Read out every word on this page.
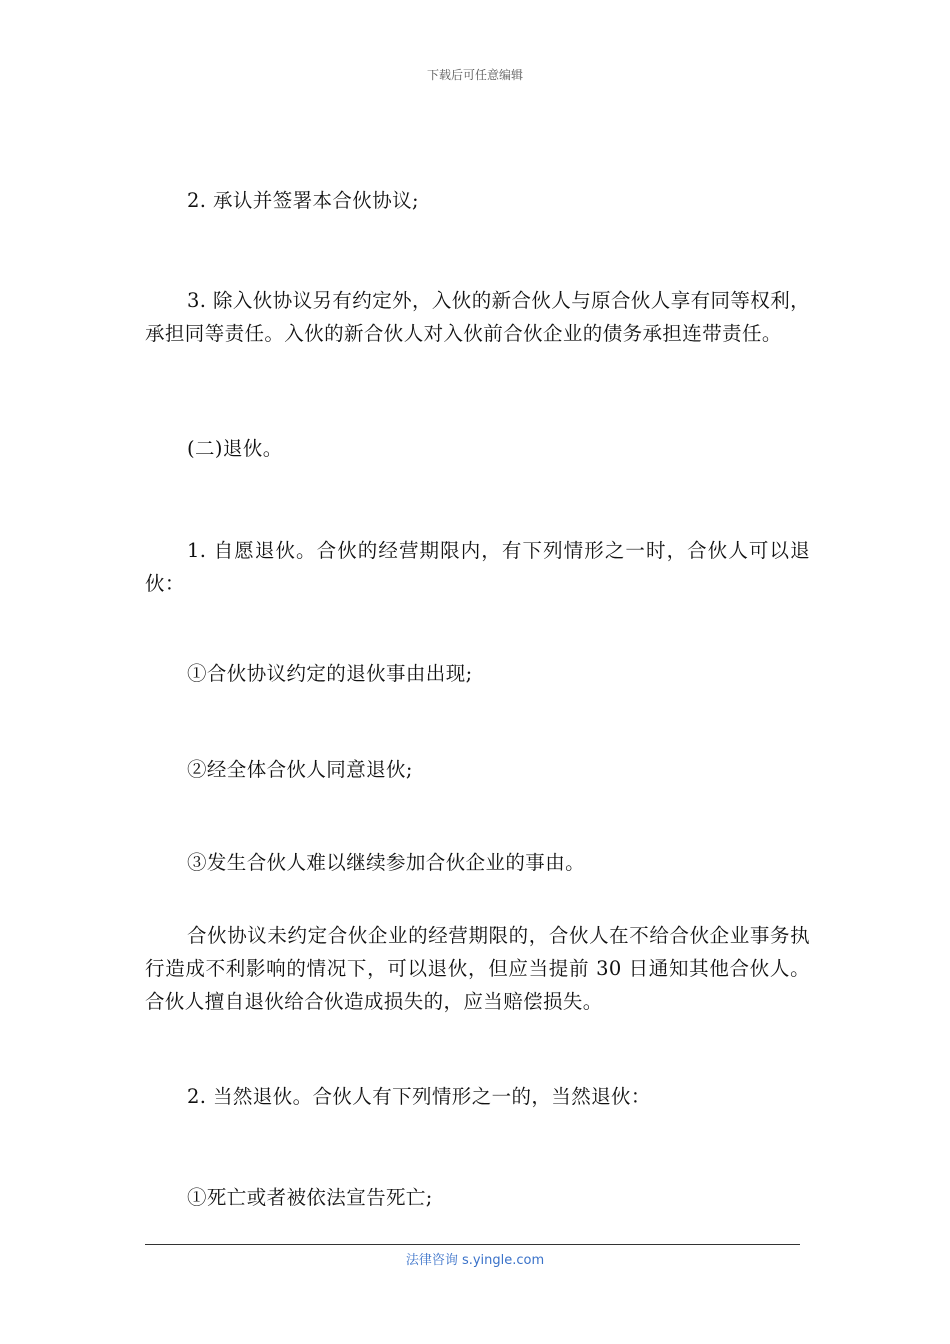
下载后可任意编辑

2. 承认并签署本合伙协议;

3. 除入伙协议另有约定外，入伙的新合伙人与原合伙人享有同等权利，承担同等责任。入伙的新合伙人对入伙前合伙企业的债务承担连带责任。

(二)退伙。

1. 自愿退伙。合伙的经营期限内，有下列情形之一时，合伙人可以退伙：

①合伙协议约定的退伙事由出现;

②经全体合伙人同意退伙;

③发生合伙人难以继续参加合伙企业的事由。

合伙协议未约定合伙企业的经营期限的，合伙人在不给合伙企业事务执行造成不利影响的情况下，可以退伙，但应当提前 30 日通知其他合伙人。合伙人擅自退伙给合伙造成损失的，应当赔偿损失。

2. 当然退伙。合伙人有下列情形之一的，当然退伙：

①死亡或者被依法宣告死亡;

法律咨询 s.yingle.com
